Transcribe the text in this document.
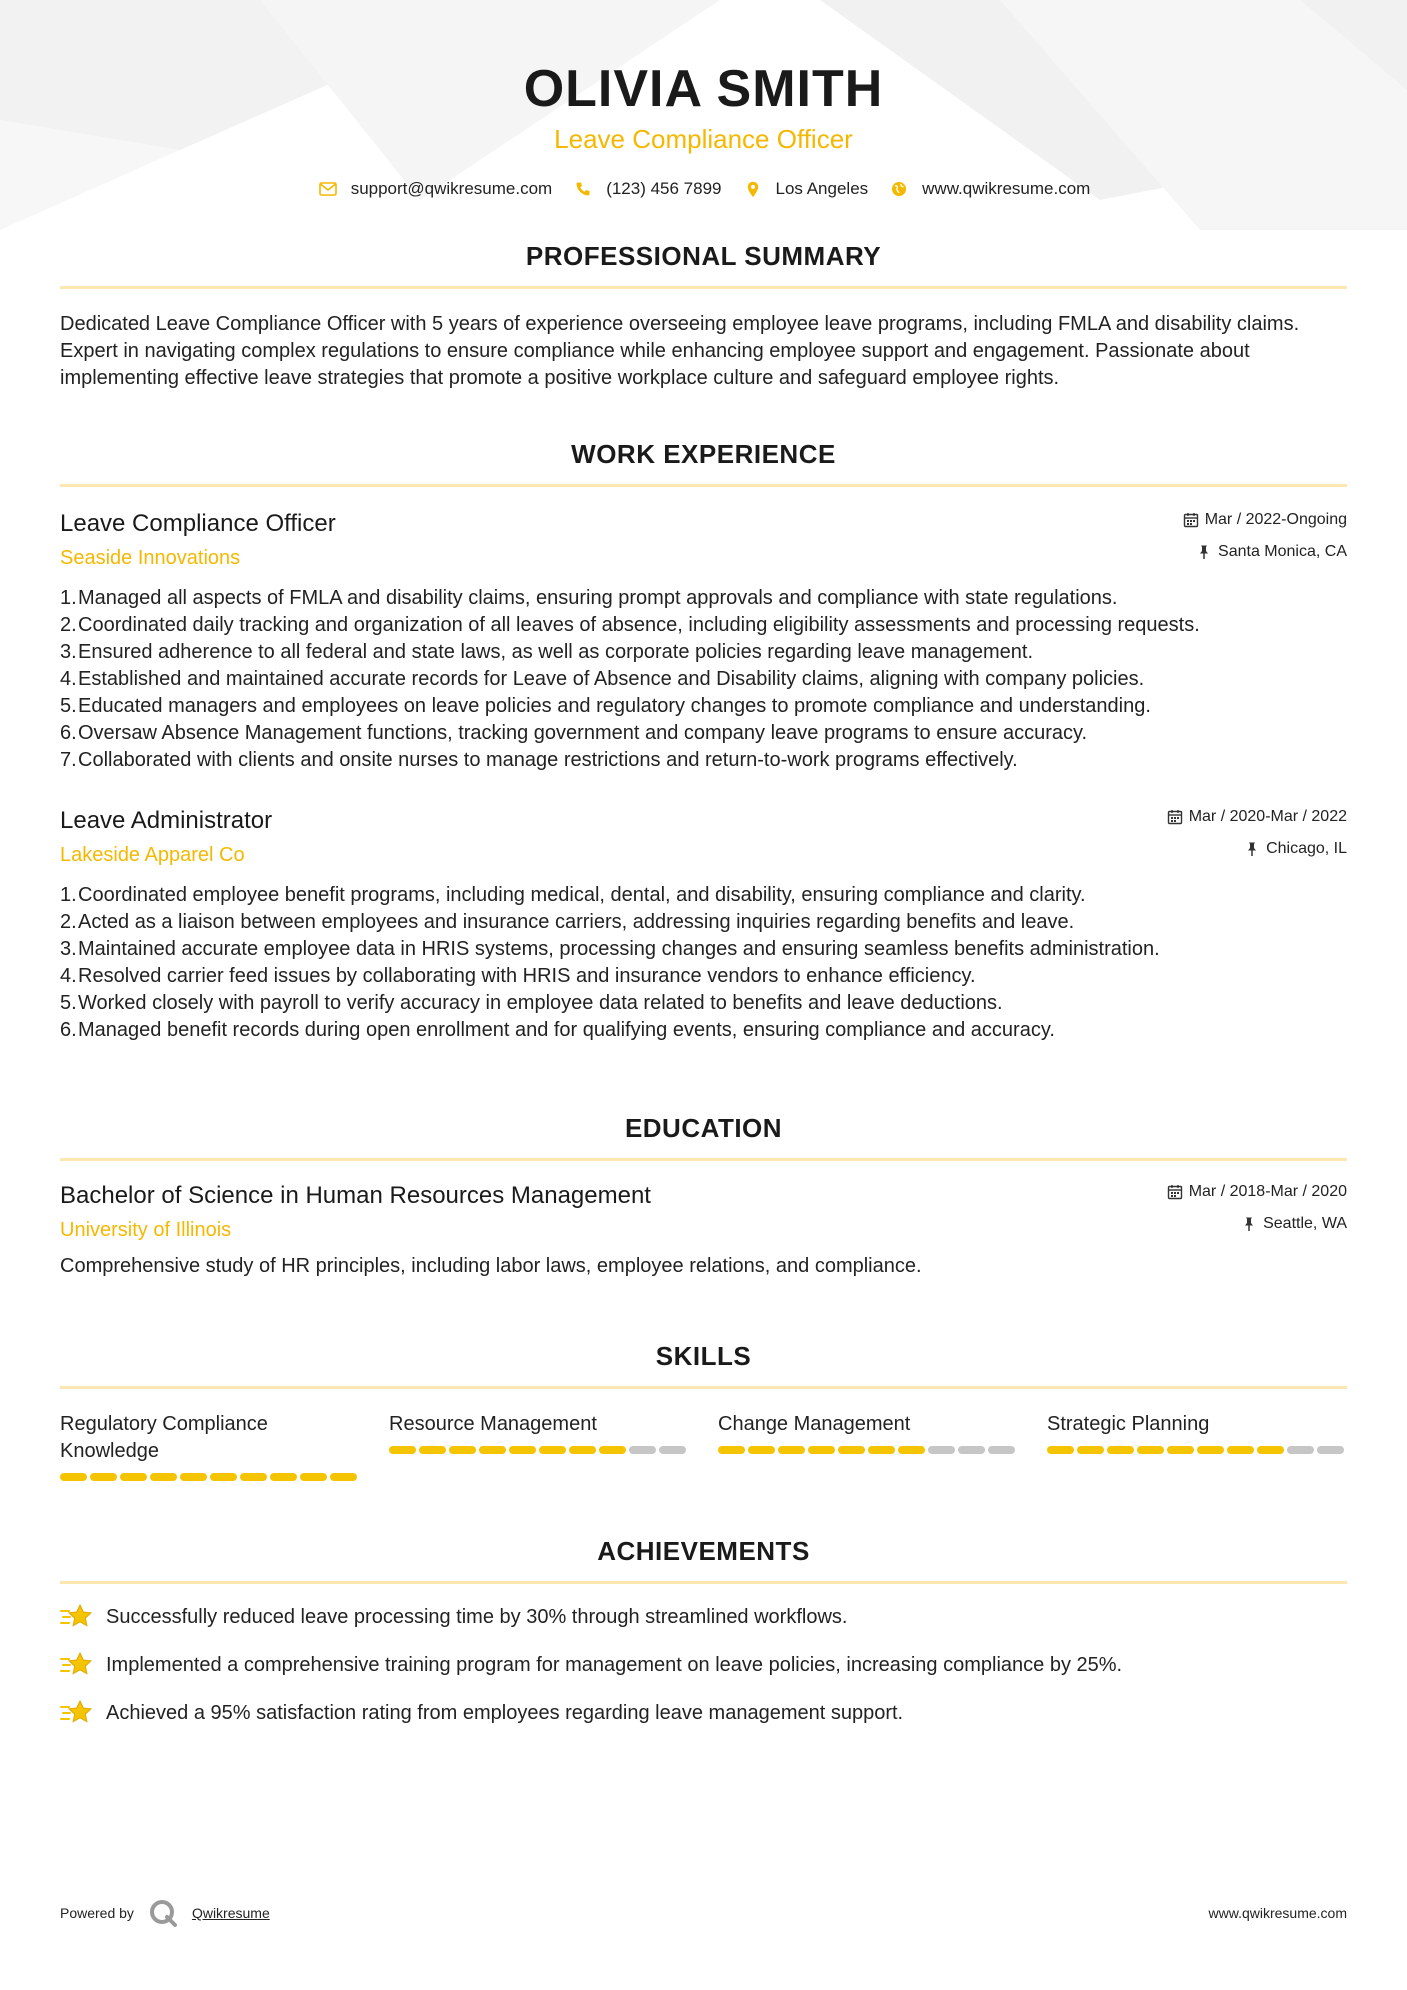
OLIVIA SMITH
Leave Compliance Officer
support@qwikresume.com	(123) 456 7899	Los Angeles	www.qwikresume.com
PROFESSIONAL SUMMARY

Dedicated Leave Compliance Officer with 5 years of experience overseeing employee leave programs, including FMLA and disability claims. Expert in navigating complex regulations to ensure compliance while enhancing employee support and engagement. Passionate about implementing effective leave strategies that promote a positive workplace culture and safeguard employee rights.

WORK EXPERIENCE
Leave Compliance Officer
Seaside Innovations
Mar / 2022-Ongoing
Santa Monica, CA
1. Managed all aspects of FMLA and disability claims, ensuring prompt approvals and compliance with state regulations.
2. Coordinated daily tracking and organization of all leaves of absence, including eligibility assessments and processing requests.
3. Ensured adherence to all federal and state laws, as well as corporate policies regarding leave management.
4. Established and maintained accurate records for Leave of Absence and Disability claims, aligning with company policies.
5. Educated managers and employees on leave policies and regulatory changes to promote compliance and understanding.
6. Oversaw Absence Management functions, tracking government and company leave programs to ensure accuracy.
7. Collaborated with clients and onsite nurses to manage restrictions and return-to-work programs effectively.
Leave Administrator
Lakeside Apparel Co
Mar / 2020-Mar / 2022
Chicago, IL
1. Coordinated employee benefit programs, including medical, dental, and disability, ensuring compliance and clarity.
2. Acted as a liaison between employees and insurance carriers, addressing inquiries regarding benefits and leave.
3. Maintained accurate employee data in HRIS systems, processing changes and ensuring seamless benefits administration.
4. Resolved carrier feed issues by collaborating with HRIS and insurance vendors to enhance efficiency.
5. Worked closely with payroll to verify accuracy in employee data related to benefits and leave deductions.
6. Managed benefit records during open enrollment and for qualifying events, ensuring compliance and accuracy.
EDUCATION
Bachelor of Science in Human Resources Management
University of Illinois
Mar / 2018-Mar / 2020
Seattle, WA

Comprehensive study of HR principles, including labor laws, employee relations, and compliance.

SKILLS
Regulatory Compliance Knowledge
Resource Management	Change Management	Strategic Planning
ACHIEVEMENTS
Successfully reduced leave processing time by 30% through streamlined workflows.
Implemented a comprehensive training program for management on leave policies, increasing compliance by 25%.
Achieved a 95% satisfaction rating from employees regarding leave management support.
Powered by	Qwikresume	www.qwikresume.com
